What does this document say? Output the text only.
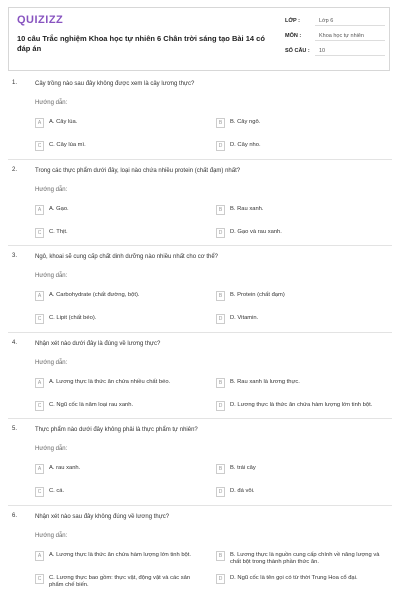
QUIZIZZ
10 câu Trắc nghiệm Khoa học tự nhiên 6 Chân trời sáng tạo Bài 14 có đáp án
LỚP :	Lớp 6
MÔN :	Khoa học tự nhiên
SỐ CÂU : 10
1.	Cây trồng nào sau đây không được xem là cây lương thực?
Hướng dẫn:
A	A. Cây lúa.	B	B. Cây ngô.
C	C. Cây lúa mì.	D	D. Cây nho.
2.	Trong các thực phẩm dưới đây, loại nào chứa nhiều protein (chất đạm) nhất?
Hướng dẫn:
A	A. Gạo.	B	B. Rau xanh.
C	C. Thịt.	D	D. Gạo và rau xanh.
3.	Ngô, khoai sẽ cung cấp chất dinh dưỡng nào nhiều nhất cho cơ thể?
Hướng dẫn:
A	A. Carbohydrate (chất đường, bột).	B	B. Protein (chất đạm)
C	C. Lipit (chất béo).	D	D. Vitamin.
4.	Nhận xét nào dưới đây là đúng về lương thực?
Hướng dẫn:
A	A. Lương thực là thức ăn chứa nhiều chất béo.	B	B. Rau xanh là lương thực.
C	C. Ngũ cốc là năm loại rau xanh.	D	D. Lương thực là thức ăn chứa hàm lượng lớn tinh bột.
5.	Thực phẩm nào dưới đây không phải là thực phẩm tự nhiên?
Hướng dẫn:
A	A. rau xanh.	B	B. trái cây
C	C. cá.	D	D. đá vôi.
6.	Nhận xét nào sau đây không đúng về lương thực?
Hướng dẫn:
A	A. Lương thực là thức ăn chứa hàm lượng lớn tinh bột.	B	B. Lương thực là nguồn cung cấp chính về năng lượng và chất bột trong thành phần thức ăn.
C	C. Lương thực bao gồm: thực vật, động vật và các sản phẩm chế biến.
D	D. Ngũ cốc là tên gọi có từ thời Trung Hoa cổ đại.
